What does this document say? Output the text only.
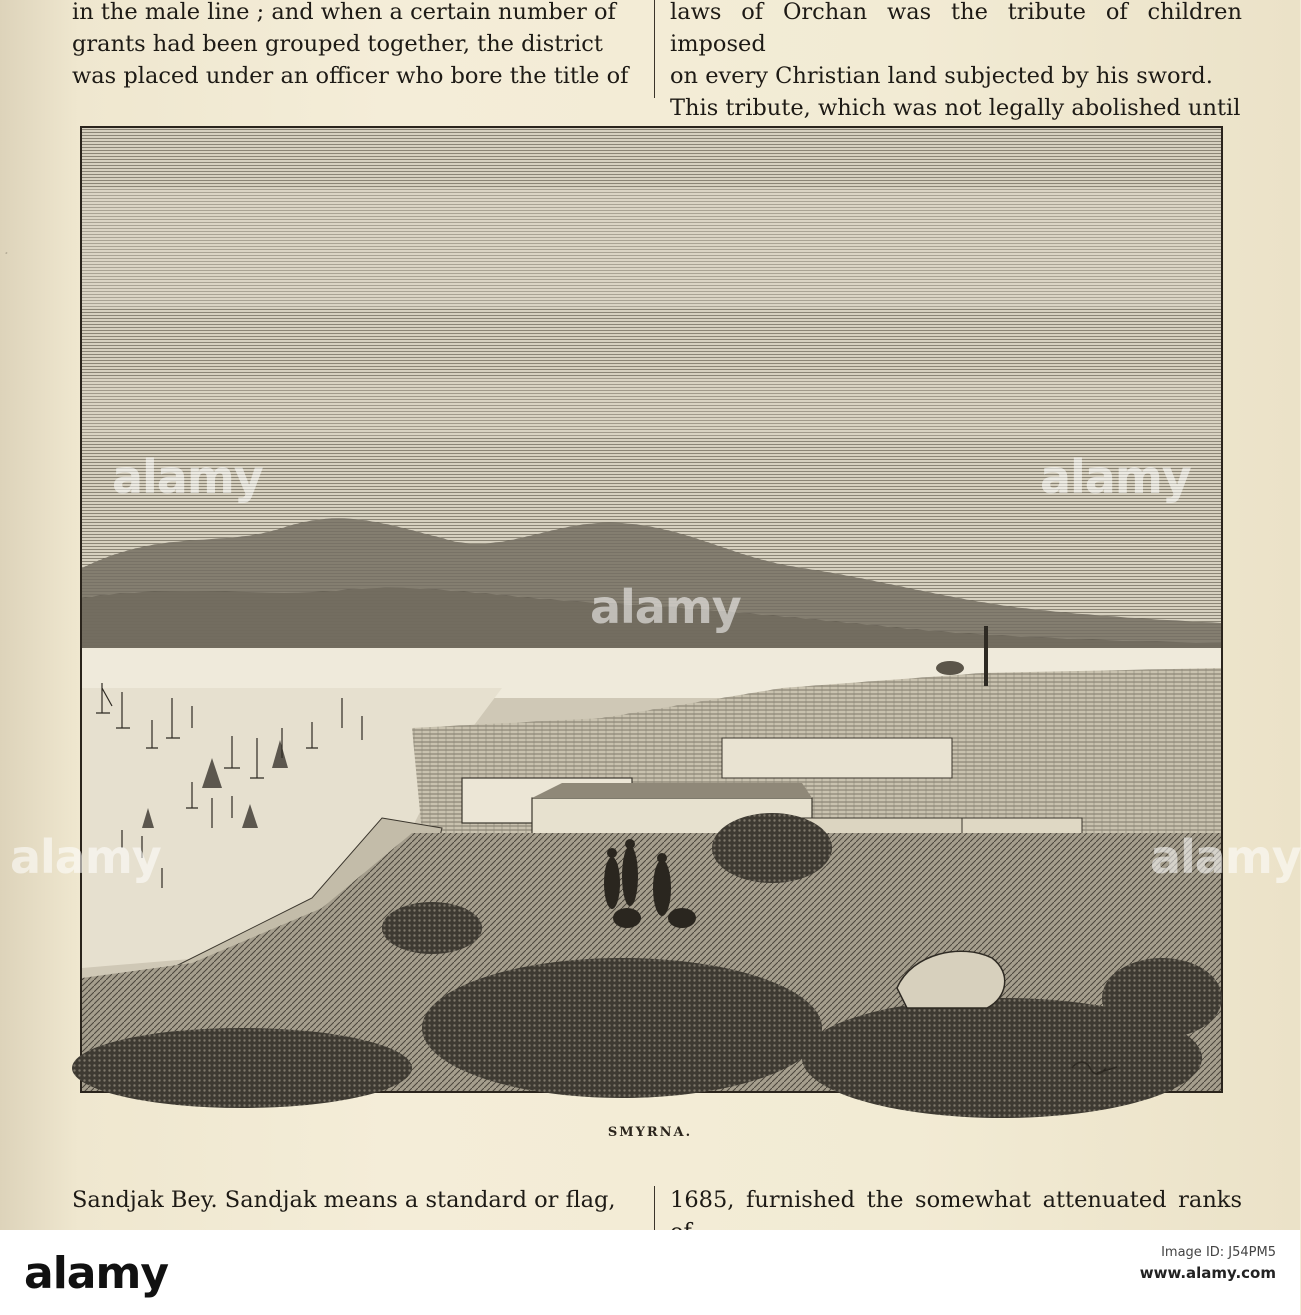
in the male line ; and when a certain number of

grants had been grouped together, the district

was placed under an officer who bore the title of

laws of Orchan was the tribute of children imposed

on every Christian land subjected by his sword.

This tribute, which was not legally abolished until

.
SMYRNA.

Sandjak Bey. Sandjak means a standard or flag,	1685, furnished the somewhat attenuated ranks

alamy
alamy
alamy
alamy	alamy
alamy	Image ID: J54PM5
www.alamy.com
